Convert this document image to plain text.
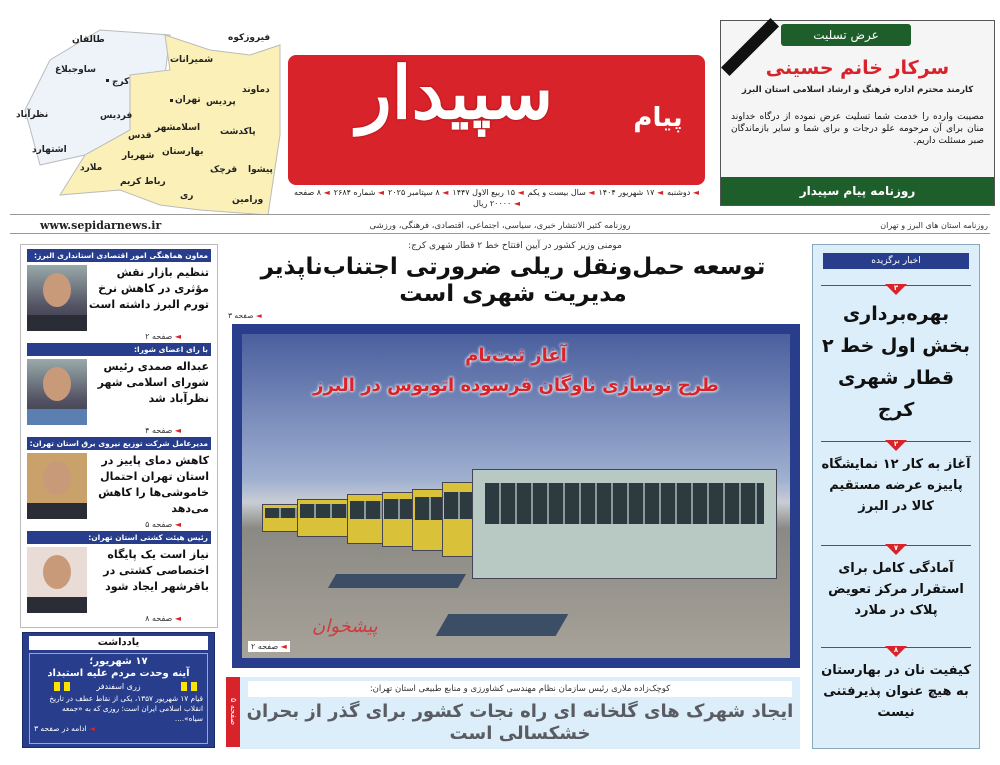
طالقان
ساوجبلاغ
کرج
نظرآباد	فردیس
اشتهارد
شمیرانات
فیروزکوه
دماوند
پردیس
تهران
قدس
اسلامشهر
ملارد
شهریار بهارستان
رباط کریم
ری
قرچک
پاکدشت
پیشوا
ورامین
www.sepidarnews.ir
سپیدار	پیام
◄ دوشنبه
◄ ۱۷ شهریور ۱۴۰۴
◄ سال بیست و یکم
◄ ۱۵ ربیع الاول ۱۴۴۷
◄ ۸ سپتامبر ۲۰۲۵
◄ شماره ۲۶۸۴
◄ ۸ صفحه
◄ ۲۰۰۰۰ ریال
عرض تسلیت
سرکار خانم حسینی
کارمند محترم اداره فرهنگ و ارشاد اسلامی استان البرز
مصیبت وارده را خدمت شما تسلیت عرض نموده از درگاه خداوند منان برای آن مرحومه علو درجات و برای شما و سایر بازماندگان صبر مسئلت داریم.
روزنامه پیام سپیدار
روزنامه استان های البرز و تهران
روزنامه کثیر الانتشار خبری، سیاسی، اجتماعی، اقتصادی، فرهنگی، ورزشی
معاون هماهنگی امور اقتصادی استانداری البرز:
تنظیم بازار نقش مؤثری در کاهش نرخ تورم البرز داشته است
◄ صفحه ۲
با رای اعضای شورا:
عبداله صمدی رئیس شورای اسلامی شهر نظرآباد شد
◄ صفحه ۴
مدیرعامل شرکت توزیع نیروی برق استان تهران:
کاهش دمای پاییز در استان تهران احتمال خاموشی‌ها را کاهش می‌دهد
◄ صفحه ۵
رئیس هیئت کشتی استان تهران:
نیاز است یک پایگاه اختصاصی کشتی در باقرشهر ایجاد شود
◄ صفحه ۸
یادداشت
۱۷ شهریور؛
آینه وحدت مردم علیه استبداد
زری اسفندفر
قیام ۱۷ شهریور ۱۳۵۷، یکی از نقاط عطف در تاریخ انقلاب اسلامی ایران است؛ روزی که به «جمعه سیاه»....
◄ ادامه در صفحه ۳
مومنی وزیر کشور در آیین افتتاح خط ۲ قطار شهری کرج:
توسعه حمل‌ونقل ریلی ضرورتی اجتناب‌ناپذیر مدیریت شهری است
◄ صفحه ۳
آغاز ثبت‌نام
طرح نوسازی ناوگان فرسوده اتوبوس در البرز
پیشخوان
◄ صفحه ۲
صفحه ۵
کوچک‌زاده ملاری رئیس سازمان نظام مهندسی کشاورزی و منابع طبیعی استان تهران:
ایجاد شهرک های گلخانه ای راه نجات کشور برای گذر از بحران خشکسالی است
اخبار برگزیده
۳
بهره‌برداری بخش اول خط ۲ قطار شهری کرج
۲
آغاز به کار ۱۲ نمایشگاه پاییزه عرضه مستقیم کالا در البرز
۷
آمادگی کامل برای استقرار مرکز تعویض پلاک در ملارد
۸
کیفیت نان در بهارستان به هیچ عنوان پذیرفتنی نیست
